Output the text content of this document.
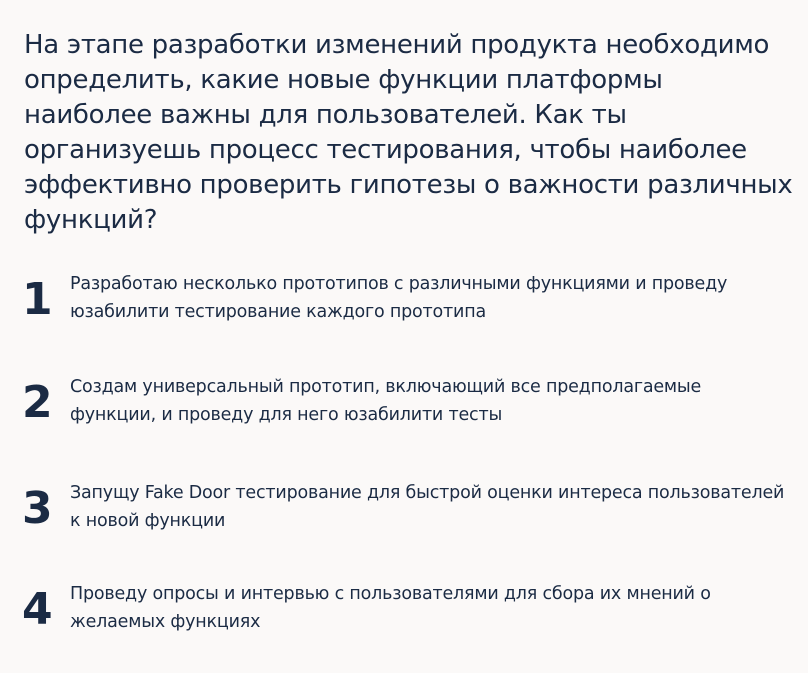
На этапе разработки изменений продукта необходимо определить, какие новые функции платформы наиболее важны для пользователей. Как ты организуешь процесс тестирования, чтобы наиболее эффективно проверить гипотезы о важности различных функций?
1 Разработаю несколько прототипов с различными функциями и проведу юзабилити тестирование каждого прототипа
2 Создам универсальный прототип, включающий все предполагаемые функции, и проведу для него юзабилити тесты
3 Запущу Fake Door тестирование для быстрой оценки интереса пользователей к новой функции
4 Проведу опросы и интервью с пользователями для сбора их мнений о желаемых функциях
